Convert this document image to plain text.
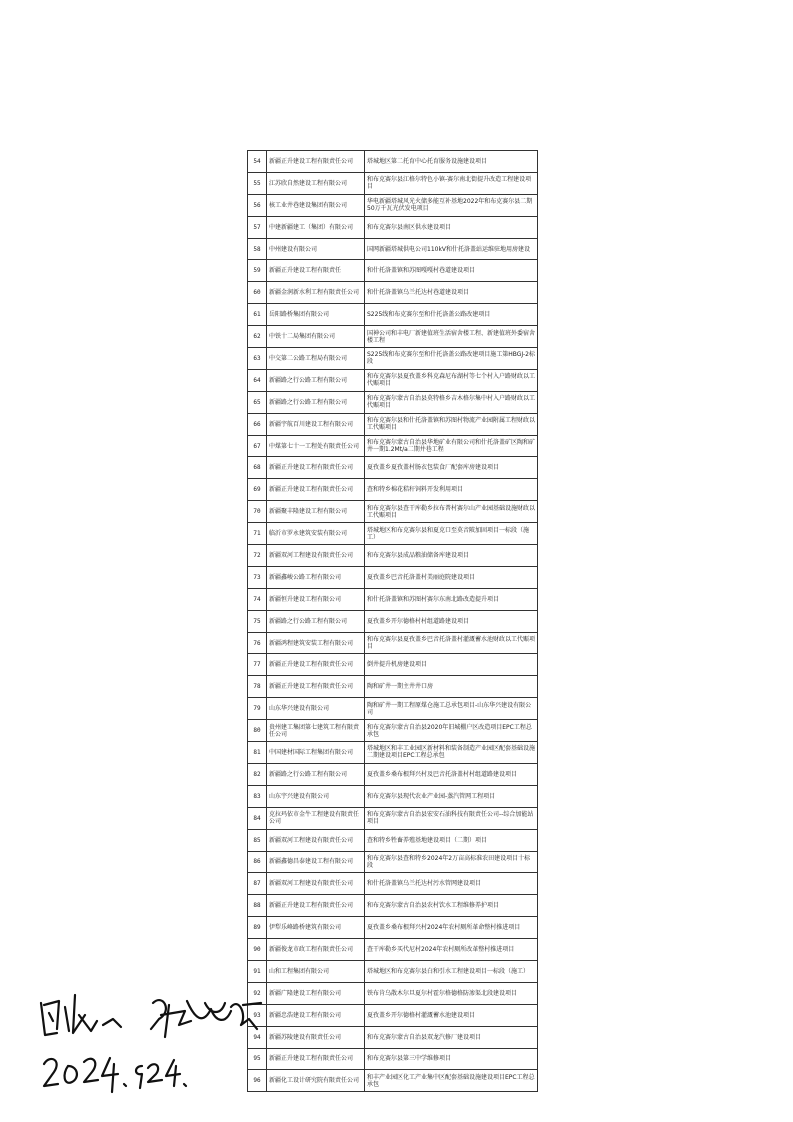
54	新疆正升建设工程有限责任公司	塔城地区第二托育中心托育服务设施建设项目
55	江苏欣自然建设工程有限公司	和布克赛尔县江格尔特色小镇-赛尔南北街提升改造工程建设项目
56	核工业井巷建设集团有限公司	华电新疆塔城风光火储多能互补基地2022年和布克赛尔县二期50万千瓦光伏发电项目
57	中建新疆建工（集团）有限公司	和布克赛尔县南区供水建设项目
58	中州建设有限公司	国网新疆塔城供电公司110kV和什托洛盖站运维驻地用房建设
59	新疆正升建设工程有限责任	和什托洛盖镇和苏图嘎嘎村巷道建设项目
60	新疆金润新水利工程有限责任公司	和什托洛盖镇乌兰托达村巷道建设项目
61	岳阳路桥集团有限公司	S225线和布克赛尔至和什托洛盖公路改建项目
62	中铁十二局集团有限公司	国神公司和丰电厂新建值班生活宿舍楼工程、新建值班外委宿舍楼工程
63	中交第二公路工程局有限公司	S225线和布克赛尔至和什托洛盖公路改建项目施工第HBGJ-2标段
64	新疆路之行公路工程有限公司	和布克赛尔县夏孜盖乡科克森尼布湖村等七个村入户路财政以工代赈项目
65	新疆路之行公路工程有限公司	和布克赛尔蒙古自治县莫特格乡吉木格尔集中村入户路财政以工代赈项目
66	新疆宇航百川建设工程有限公司	和布克赛尔县和什托洛盖镇和苏图村物流产业园附属工程财政以工代赈项目
67	中煤第七十一工程处有限责任公司	和布克赛尔蒙古自治县华地矿业有限公司和什托洛盖矿区陶和矿井一期1.2Mt/a二期井巷工程
68	新疆正升建设工程有限责任公司	夏孜盖乡夏孜盖村肠衣包装食厂配套库房建设项目
69	新疆正升建设工程有限责任公司	查和特乡棉花秸秆饲料开发利用项目
70	新疆聚丰隆建设工程有限公司	和布克赛尔县查干库勒乡拉布普村赛尔山产业园基础设施财政以工代赈项目
71	临沂市罗永建筑安装有限公司	塔城地区和布克赛尔县和夏克口至莫音陂加固项目一标段（施工）
72	新疆双河工程建设有限责任公司	和布克赛尔县成品粮油储备库建设项目
73	新疆鑫峻公路工程有限公司	夏孜盖乡巴音托洛盖村美丽庭院建设项目
74	新疆恒升建设工程有限公司	和什托洛盖镇和苏图村赛尔东南北路改造提升项目
75	新疆路之行公路工程有限公司	夏孜盖乡开尔德格村村组道路建设项目
76	新疆鸿程建筑安装工程有限公司	和布克赛尔县夏孜盖乡巴音托洛盖村灌溉蓄水池财政以工代赈项目
77	新疆正升建设工程有限责任公司	倒井提升机房建设项目
78	新疆正升建设工程有限责任公司	陶和矿井一期主井井口房
79	山东华兴建设有限公司	陶和矿井一期工程原煤仓施工总承包项目-山东华兴建设有限公司
80	贵州建工集团第七建筑工程有限责任公司	和布克赛尔蒙古自治县2020年旧城棚户区改造项目EPC工程总承包
81	中国建材国际工程集团有限公司	塔城地区和丰工业园区新材料和装备制造产业园区配套基础设施二期建设项目EPC工程总承包
82	新疆路之行公路工程有限公司	夏孜盖乡桑布根拜兴村及巴音托洛盖村村组道路建设项目
83	山东宇兴建设有限公司	和布克赛尔县现代农业产业园-蒸汽管网工程项目
84	克拉玛依市金牛工程建设有限责任公司	和布克赛尔蒙古自治县宏安石油科技有限责任公司--综合加能站项目
85	新疆双河工程建设有限责任公司	查和特乡牲畜养殖基地建设项目（二期）项目
86	新疆鑫德昌泰建设工程有限公司	和布克赛尔县查和特乡2024年2万亩高标准农田建设项目十标段
87	新疆双河工程建设有限责任公司	和什托洛盖镇乌兰托达村污水管网建设项目
88	新疆正升建设工程有限责任公司	和布克赛尔蒙古自治县农村饮水工程维修养护项目
89	伊犁乐峰路桥建筑有限公司	夏孜盖乡桑布根拜兴村2024年农村厕所革命整村推进项目
90	新疆俊龙市政工程有限责任公司	查干库勒乡买代尼村2024年农村厕所改革整村推进项目
91	山和工程集团有限公司	塔城地区和布克赛尔县白和引水工程建设项目一标段（施工）
92	新疆广隆建设工程有限公司	铁布肯乌散木尔旦夏尔村霍尔格德格防渗渠北段建设项目
93	新疆忠浩建设工程有限公司	夏孜盖乡开尔德格村灌溉蓄水池建设项目
94	新疆苏陵建设有限责任公司	和布克赛尔蒙古自治县双龙汽修厂建设项目
95	新疆正升建设工程有限责任公司	和布克赛尔县第三中学维修项目
96	新疆化工设计研究院有限责任公司	和丰产业园区化工产业集中区配套基础设施建设项目EPC工程总承包
